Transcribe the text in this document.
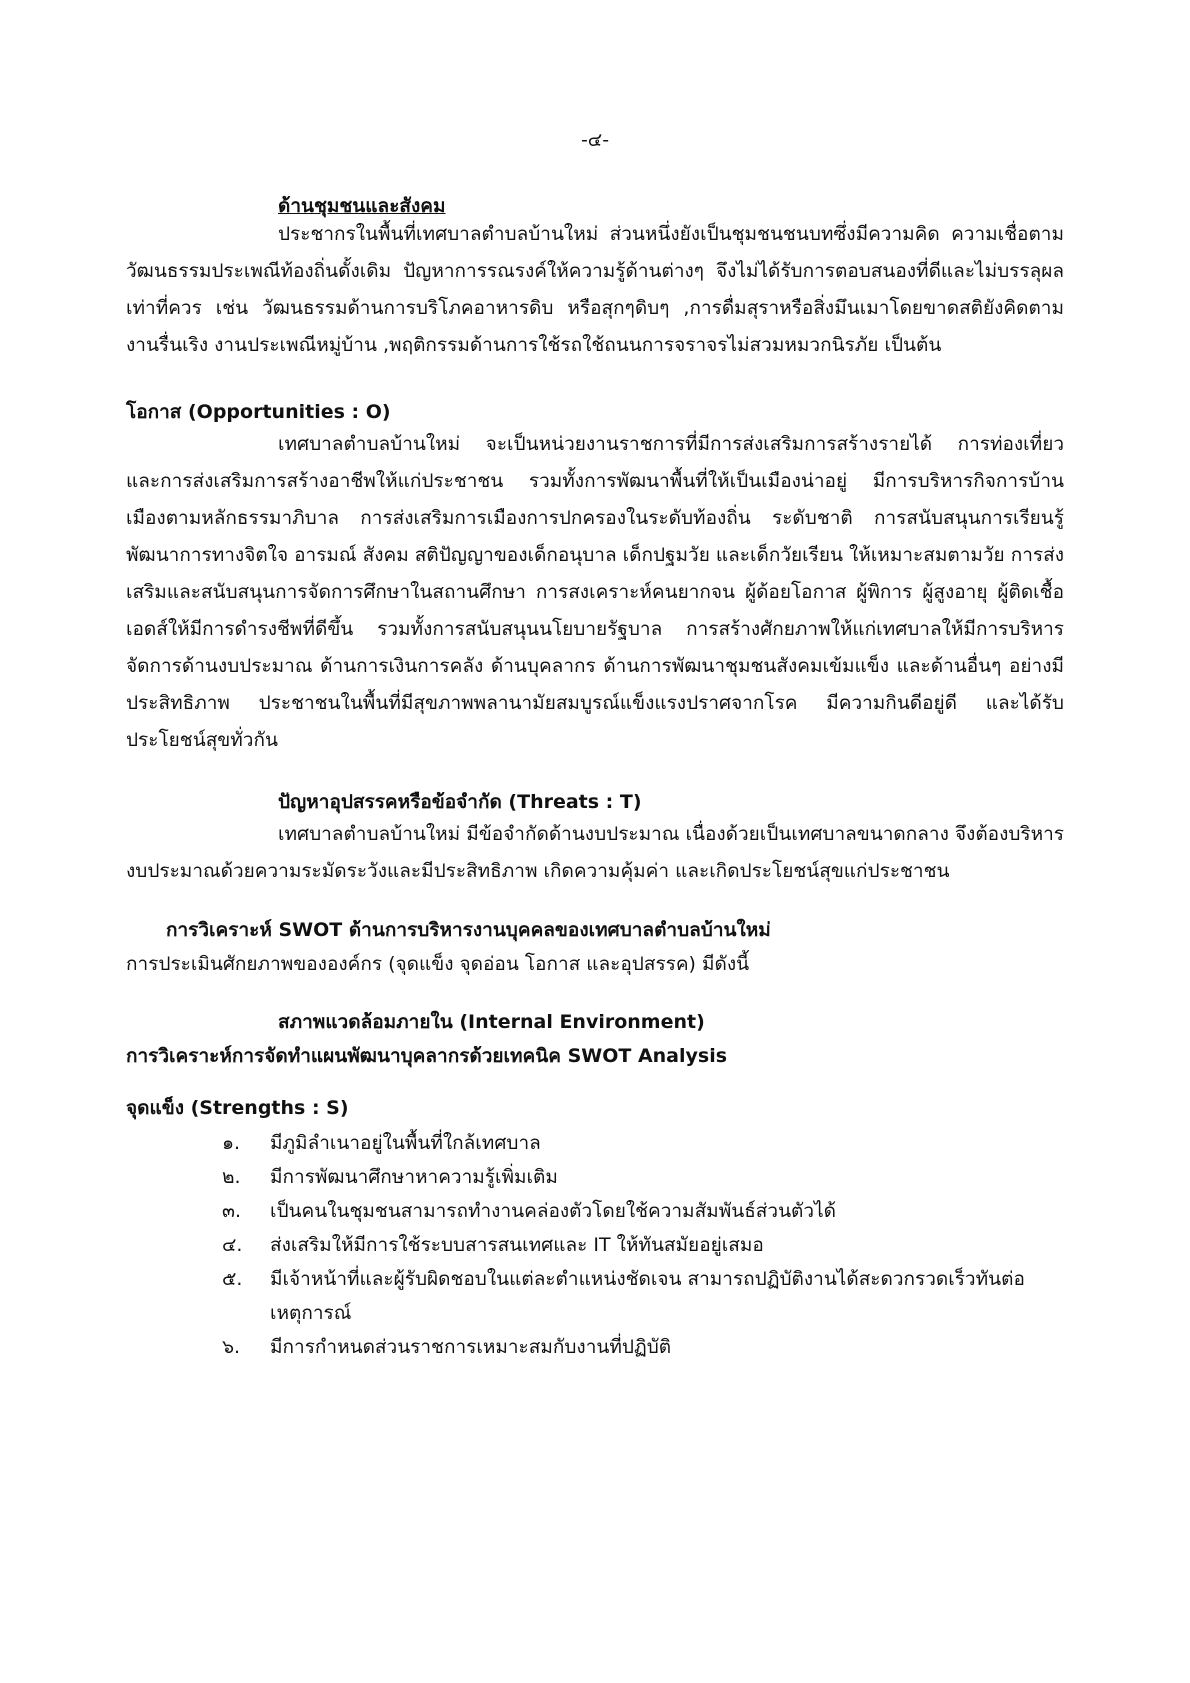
-๔-

ด้านชุมชนและสังคม

ประชากรในพื้นที่เทศบาลตำบลบ้านใหม่ ส่วนหนึ่งยังเป็นชุมชนชนบทซึ่งมีความคิด ความเชื่อตามวัฒนธรรมประเพณีท้องถิ่นดั้งเดิม ปัญหาการรณรงค์ให้ความรู้ด้านต่างๆ จึงไม่ได้รับการตอบสนองที่ดีและไม่บรรลุผลเท่าที่ควร เช่น วัฒนธรรมด้านการบริโภคอาหารดิบ หรือสุกๆดิบๆ ,การดื่มสุราหรือสิ่งมึนเมาโดยขาดสติยังคิดตามงานรื่นเริง งานประเพณีหมู่บ้าน ,พฤติกรรมด้านการใช้รถใช้ถนนการจราจรไม่สวมหมวกนิรภัย เป็นต้น

โอกาส (Opportunities : O)

เทศบาลตำบลบ้านใหม่ จะเป็นหน่วยงานราชการที่มีการส่งเสริมการสร้างรายได้ การท่องเที่ยว และการส่งเสริมการสร้างอาชีพให้แก่ประชาชน รวมทั้งการพัฒนาพื้นที่ให้เป็นเมืองน่าอยู่ มีการบริหารกิจการบ้านเมืองตามหลักธรรมาภิบาล การส่งเสริมการเมืองการปกครองในระดับท้องถิ่น ระดับชาติ การสนับสนุนการเรียนรู้ พัฒนาการทางจิตใจ อารมณ์ สังคม สติปัญญาของเด็กอนุบาล เด็กปฐมวัย และเด็กวัยเรียน ให้เหมาะสมตามวัย การส่งเสริมและสนับสนุนการจัดการศึกษาในสถานศึกษา การสงเคราะห์คนยากจน ผู้ด้อยโอกาส ผู้พิการ ผู้สูงอายุ ผู้ติดเชื้อเอดส์ให้มีการดำรงชีพที่ดีขึ้น รวมทั้งการสนับสนุนนโยบายรัฐบาล การสร้างศักยภาพให้แก่เทศบาลให้มีการบริหารจัดการด้านงบประมาณ ด้านการเงินการคลัง ด้านบุคลากร ด้านการพัฒนาชุมชนสังคมเข้มแข็ง และด้านอื่นๆ อย่างมีประสิทธิภาพ ประชาชนในพื้นที่มีสุขภาพพลานามัยสมบูรณ์แข็งแรงปราศจากโรค มีความกินดีอยู่ดี และได้รับประโยชน์สุขทั่วกัน

ปัญหาอุปสรรคหรือข้อจำกัด (Threats : T)

เทศบาลตำบลบ้านใหม่ มีข้อจำกัดด้านงบประมาณ เนื่องด้วยเป็นเทศบาลขนาดกลาง จึงต้องบริหารงบประมาณด้วยความระมัดระวังและมีประสิทธิภาพ เกิดความคุ้มค่า และเกิดประโยชน์สุขแก่ประชาชน

การวิเคราะห์ SWOT ด้านการบริหารงานบุคคลของเทศบาลตำบลบ้านใหม่

การประเมินศักยภาพขององค์กร (จุดแข็ง จุดอ่อน โอกาส และอุปสรรค) มีดังนี้

สภาพแวดล้อมภายใน (Internal Environment)

การวิเคราะห์การจัดทำแผนพัฒนาบุคลากรด้วยเทคนิค SWOT Analysis

จุดแข็ง (Strengths : S)

๑. มีภูมิลำเนาอยู่ในพื้นที่ใกล้เทศบาล
๒. มีการพัฒนาศึกษาหาความรู้เพิ่มเติม
๓. เป็นคนในชุมชนสามารถทำงานคล่องตัวโดยใช้ความสัมพันธ์ส่วนตัวได้
๔. ส่งเสริมให้มีการใช้ระบบสารสนเทศและ IT ให้ทันสมัยอยู่เสมอ
๕. มีเจ้าหน้าที่และผู้รับผิดชอบในแต่ละตำแหน่งชัดเจน สามารถปฏิบัติงานได้สะดวกรวดเร็วทันต่อเหตุการณ์
๖. มีการกำหนดส่วนราชการเหมาะสมกับงานที่ปฏิบัติ
